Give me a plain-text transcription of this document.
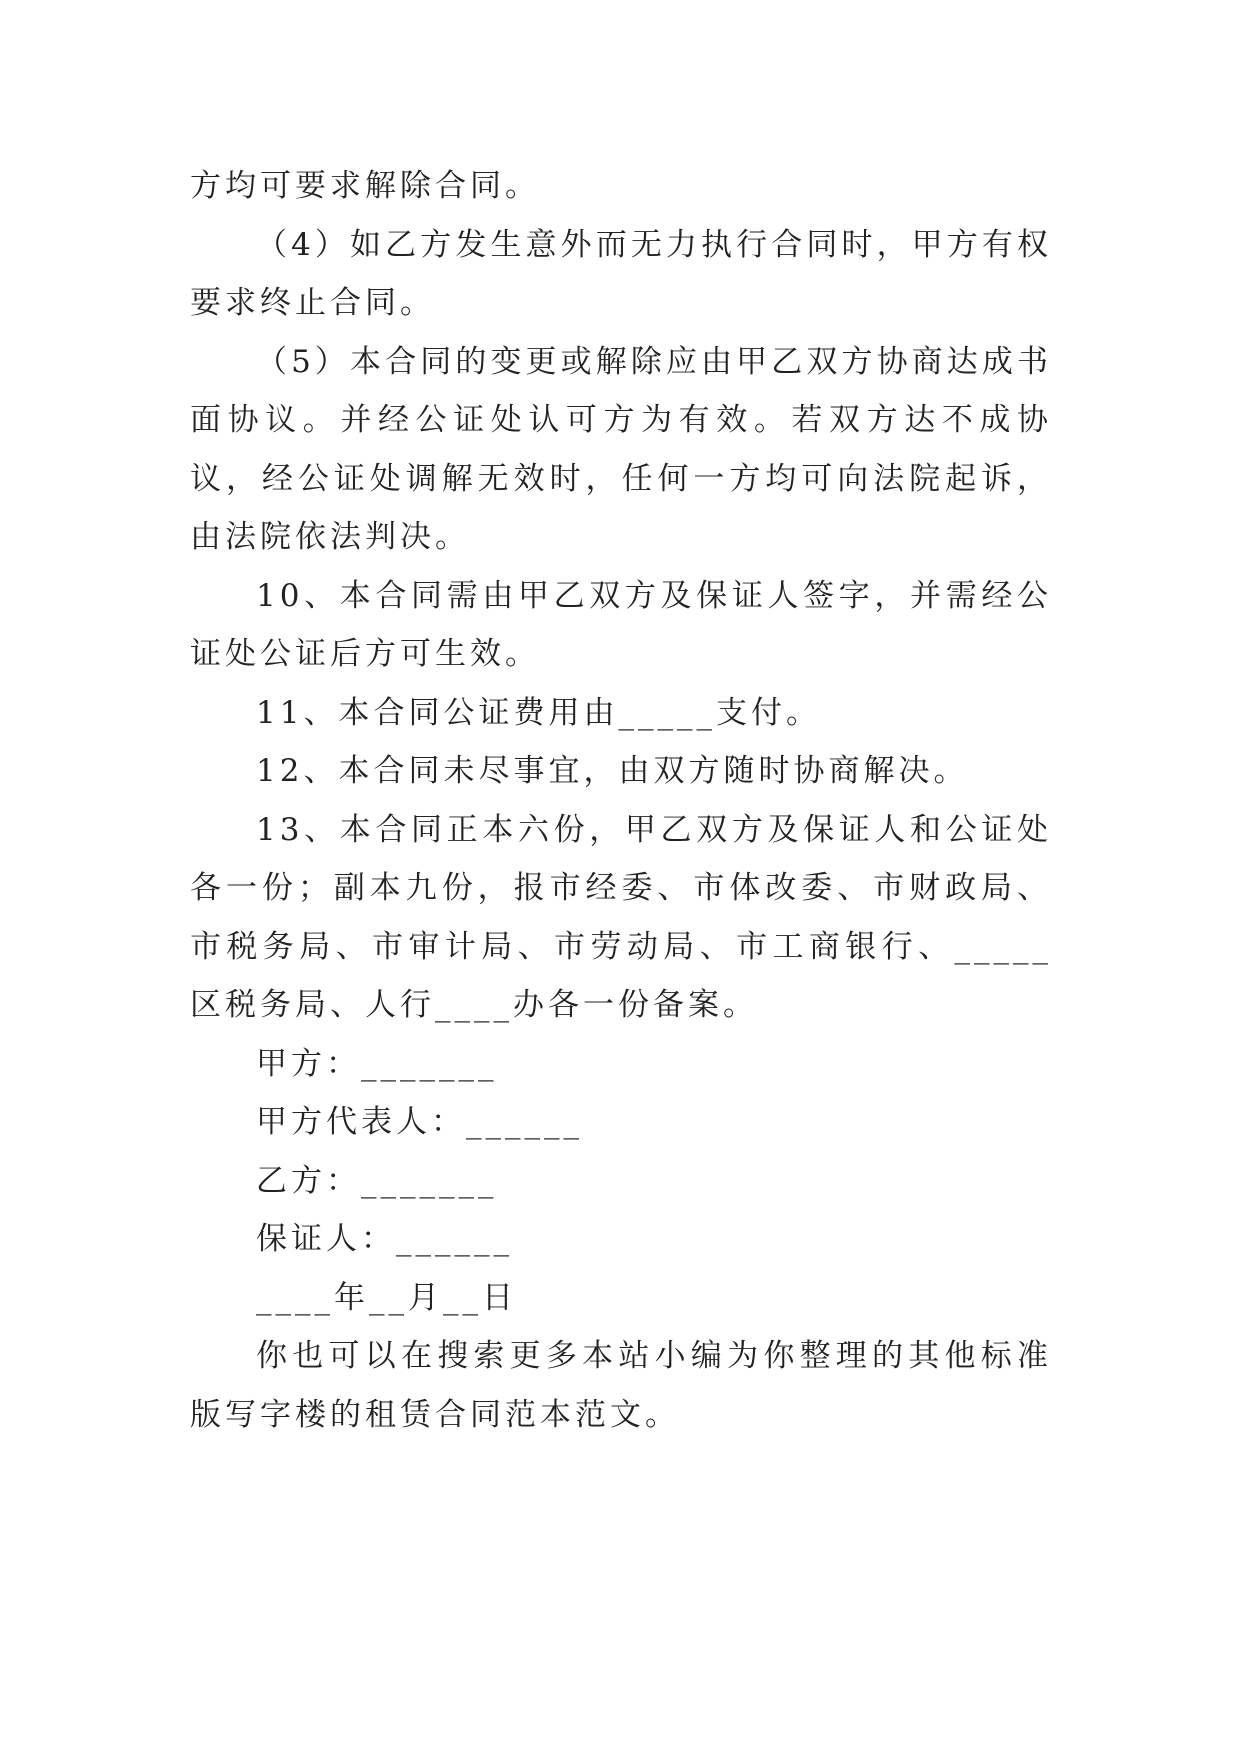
方均可要求解除合同。

（4）如乙方发生意外而无力执行合同时，甲方有权要求终止合同。

（5）本合同的变更或解除应由甲乙双方协商达成书面协议。并经公证处认可方为有效。若双方达不成协议，经公证处调解无效时，任何一方均可向法院起诉，由法院依法判决。

10、本合同需由甲乙双方及保证人签字，并需经公证处公证后方可生效。

11、本合同公证费用由_____支付。

12、本合同未尽事宜，由双方随时协商解决。

13、本合同正本六份，甲乙双方及保证人和公证处各一份；副本九份，报市经委、市体改委、市财政局、市税务局、市审计局、市劳动局、市工商银行、_____区税务局、人行____办各一份备案。

甲方：_______

甲方代表人：______

乙方：_______

保证人：______

____年__月__日

你也可以在搜索更多本站小编为你整理的其他标准版写字楼的租赁合同范本范文。
